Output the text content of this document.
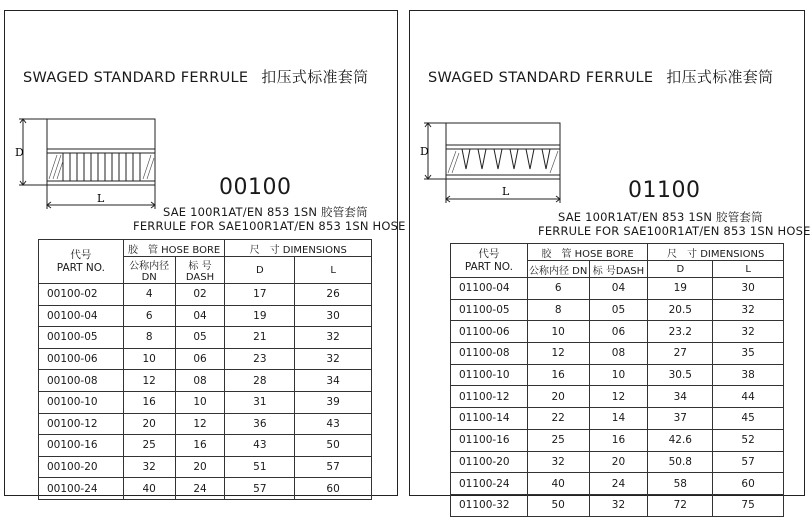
SWAGED STANDARD FERRULE 扣压式标准套筒
D
L	00100
SAE 100R1AT/EN 853 1SN 胶管套筒
FERRULE FOR SAE100R1AT/EN 853 1SN HOSE
代号
PART NO.	胶　管 HOSE BORE		尺　寸 DIMENSIONS	
	公称内径 DN	标 号DASH	D	L
00100-02	4	02	17	26
00100-04	6	04	19	30
00100-05	8	05	21	32
00100-06	10	06	23	32
00100-08	12	08	28	34
00100-10	16	10	31	39
00100-12	20	12	36	43
00100-16	25	16	43	50
00100-20	32	20	51	57
00100-24	40	24	57	60
SWAGED STANDARD FERRULE 扣压式标准套筒
D
L	01100
SAE 100R1AT/EN 853 1SN 胶管套筒
FERRULE FOR SAE100R1AT/EN 853 1SN HOSE
代号
PART NO.	胶　管 HOSE BORE		尺　寸 DIMENSIONS	
	公称内径 DN	标 号DASH	D	L
01100-04	6	04	19	30
01100-05	8	05	20.5	32
01100-06	10	06	23.2	32
01100-08	12	08	27	35
01100-10	16	10	30.5	38
01100-12	20	12	34	44
01100-14	22	14	37	45
01100-16	25	16	42.6	52
01100-20	32	20	50.8	57
01100-24	40	24	58	60
01100-32	50	32	72	75
